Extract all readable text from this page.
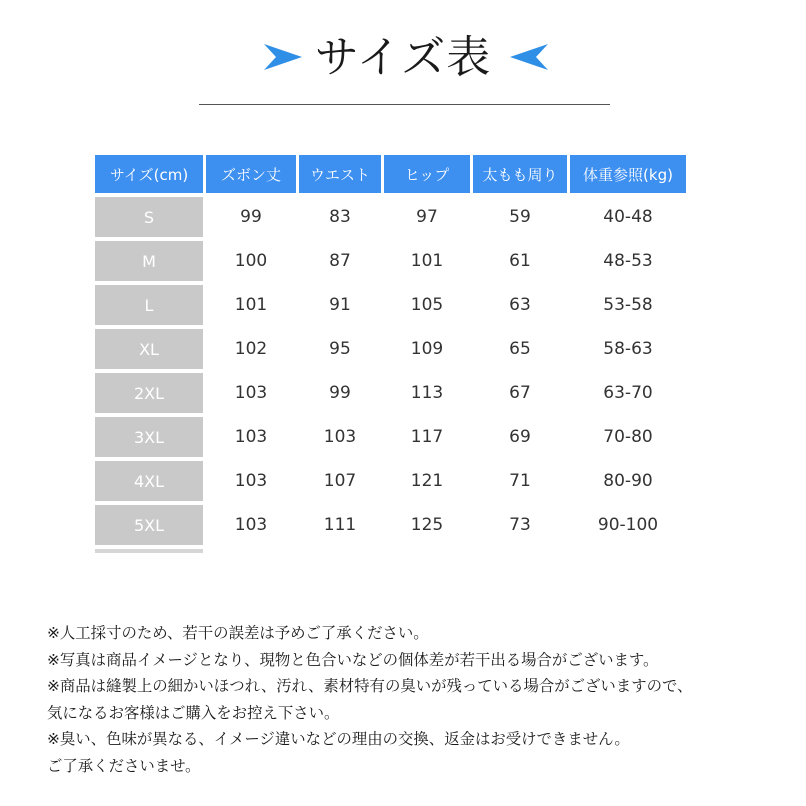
サイズ表
サイズ(cm)	ズボン丈	ウエスト	ヒップ	太もも周り	体重参照(kg)
S	99	83	97	59	40-48
M	100	87	101	61	48-53
L	101	91	105	63	53-58
XL	102	95	109	65	58-63
2XL	103	99	113	67	63-70
3XL	103	103	117	69	70-80
4XL	103	107	121	71	80-90
5XL	103	111	125	73	90-100

※人工採寸のため、若干の誤差は予めご了承ください。

※写真は商品イメージとなり、現物と色合いなどの個体差が若干出る場合がございます。

※商品は縫製上の細かいほつれ、汚れ、素材特有の臭いが残っている場合がございますので、

気になるお客様はご購入をお控え下さい。

※臭い、色味が異なる、イメージ違いなどの理由の交換、返金はお受けできません。

ご了承くださいませ。
